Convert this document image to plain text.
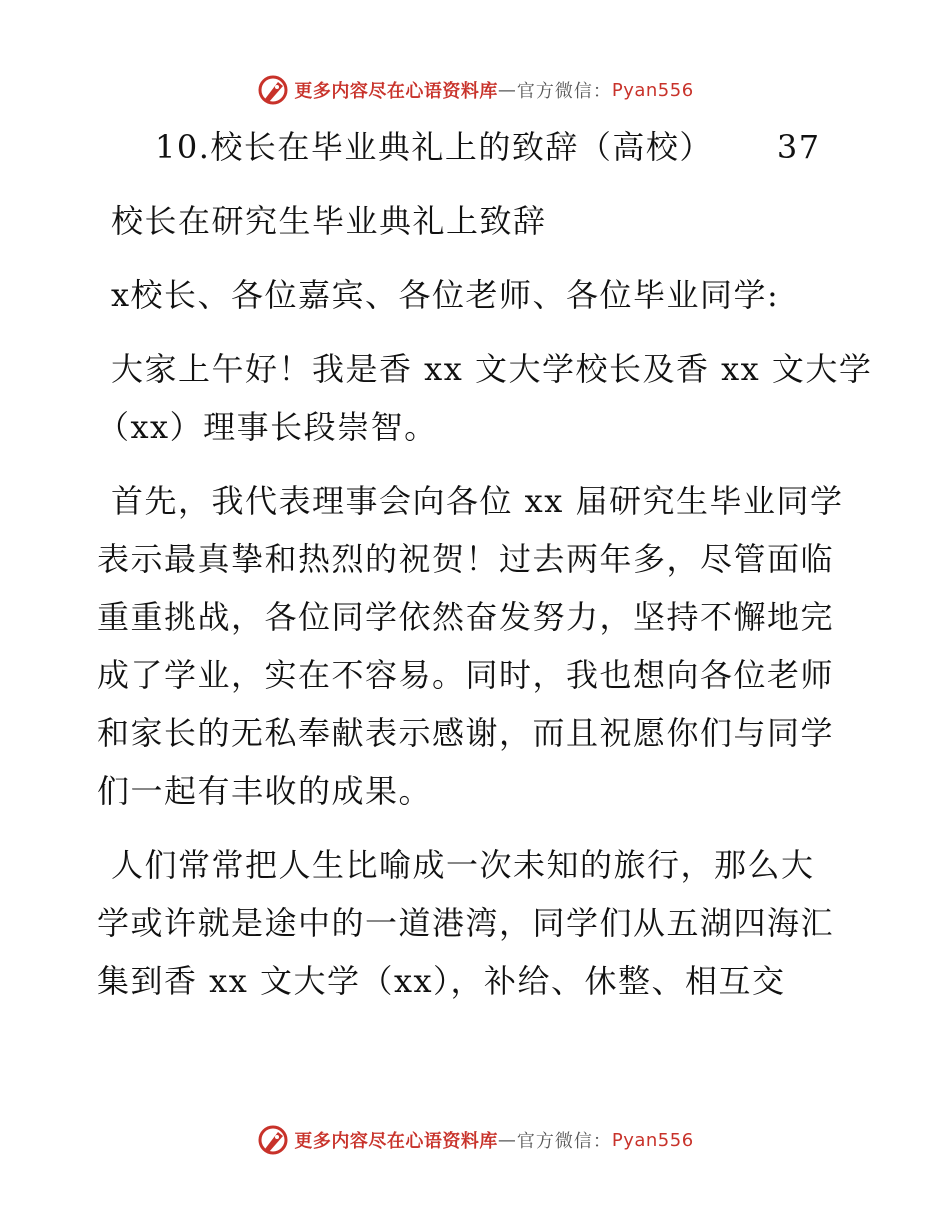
更多内容尽在心语资料库 — 官方微信： Pyan556
10.校长在毕业典礼上的致辞（高校） 37
校长在研究生毕业典礼上致辞
x校长、各位嘉宾、各位老师、各位毕业同学:
大家上午好！我是香 xx 文大学校长及香 xx 文大学
（xx）理事长段崇智。
首先，我代表理事会向各位 xx 届研究生毕业同学
表示最真挚和热烈的祝贺！过去两年多，尽管面临
重重挑战，各位同学依然奋发努力，坚持不懈地完
成了学业，实在不容易。同时，我也想向各位老师
和家长的无私奉献表示感谢，而且祝愿你们与同学
们一起有丰收的成果。
人们常常把人生比喻成一次未知的旅行，那么大
学或许就是途中的一道港湾，同学们从五湖四海汇
集到香 xx 文大学（xx），补给、休整、相互交
更多内容尽在心语资料库 — 官方微信： Pyan556
